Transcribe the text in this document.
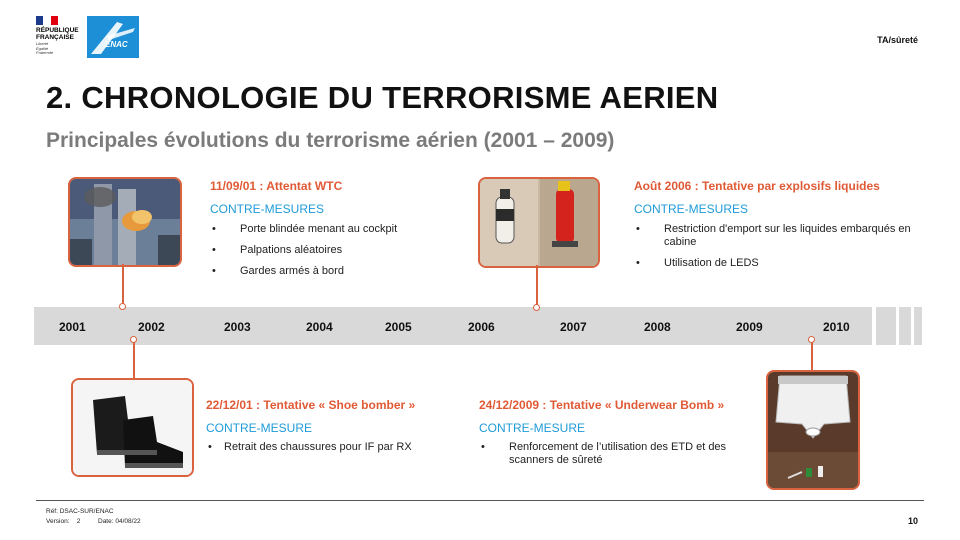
RÉPUBLIQUE
FRANÇAISE
Liberté
Égalité
Fraternité
ENAC	TA/sûreté
2. CHRONOLOGIE DU TERRORISME AERIEN
Principales évolutions du terrorisme aérien (2001 – 2009)
2001	2002	2003	2004	2005	2006	2007	2008	2009	2010
11/09/01 : Attentat WTC
CONTRE-MESURES
• Porte blindée menant au cockpit
• Palpations aléatoires
• Gardes armés à bord
Août 2006 : Tentative par explosifs liquides
CONTRE-MESURES
• Restriction d'emport sur les liquides embarqués en cabine
• Utilisation de LEDS
22/12/01 : Tentative « Shoe bomber »
CONTRE-MESURE
• Retrait des chaussures pour IF par RX
24/12/2009 : Tentative « Underwear Bomb »
CONTRE-MESURE
• Renforcement de l’utilisation des ETD et des scanners de sûreté
Réf: DSAC-SUR/ENAC
Version:    2	Date: 04/08/22	10
